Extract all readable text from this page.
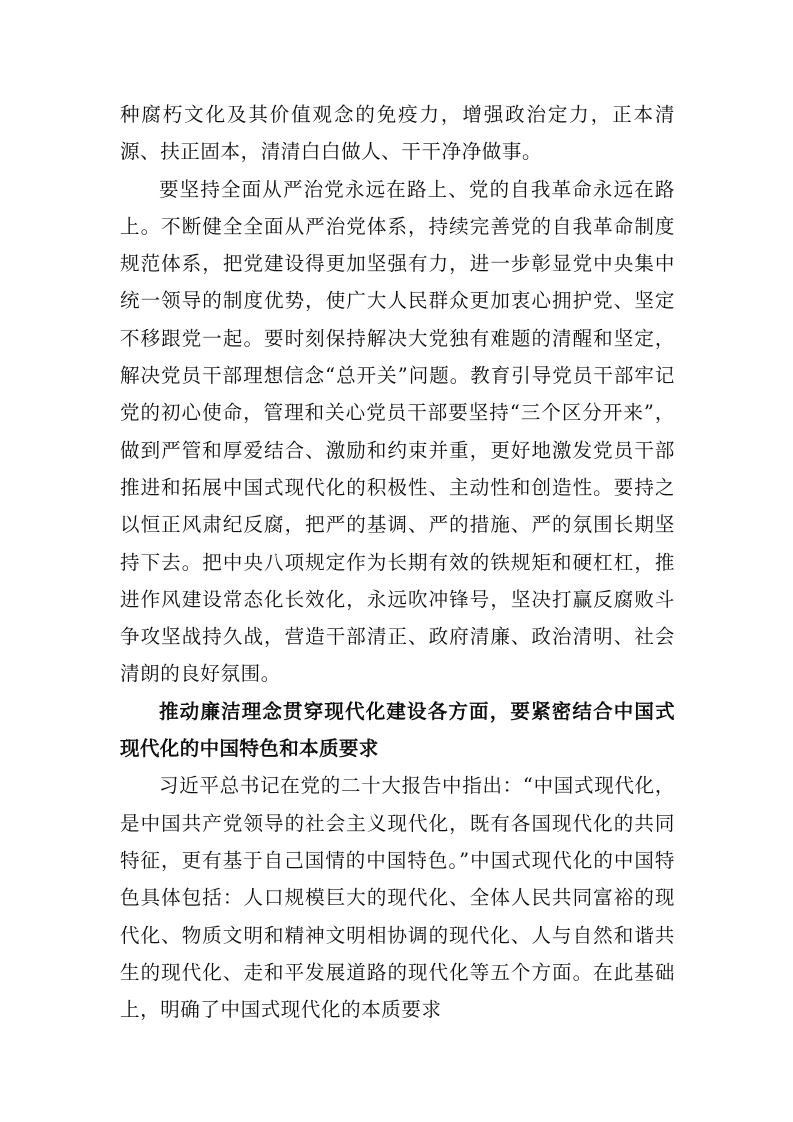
种腐朽文化及其价值观念的免疫力，增强政治定力，正本清源、扶正固本，清清白白做人、干干净净做事。

要坚持全面从严治党永远在路上、党的自我革命永远在路上。不断健全全面从严治党体系，持续完善党的自我革命制度规范体系，把党建设得更加坚强有力，进一步彰显党中央集中统一领导的制度优势，使广大人民群众更加衷心拥护党、坚定不移跟党一起。要时刻保持解决大党独有难题的清醒和坚定，解决党员干部理想信念“总开关”问题。教育引导党员干部牢记党的初心使命，管理和关心党员干部要坚持“三个区分开来”，做到严管和厚爱结合、激励和约束并重，更好地激发党员干部推进和拓展中国式现代化的积极性、主动性和创造性。要持之以恒正风肃纪反腐，把严的基调、严的措施、严的氛围长期坚持下去。把中央八项规定作为长期有效的铁规矩和硬杠杠，推进作风建设常态化长效化，永远吹冲锋号，坚决打赢反腐败斗争攻坚战持久战，营造干部清正、政府清廉、政治清明、社会清朗的良好氛围。

推动廉洁理念贯穿现代化建设各方面，要紧密结合中国式现代化的中国特色和本质要求

习近平总书记在党的二十大报告中指出：“中国式现代化，是中国共产党领导的社会主义现代化，既有各国现代化的共同特征，更有基于自己国情的中国特色。”中国式现代化的中国特色具体包括：人口规模巨大的现代化、全体人民共同富裕的现代化、物质文明和精神文明相协调的现代化、人与自然和谐共生的现代化、走和平发展道路的现代化等五个方面。在此基础上，明确了中国式现代化的本质要求
